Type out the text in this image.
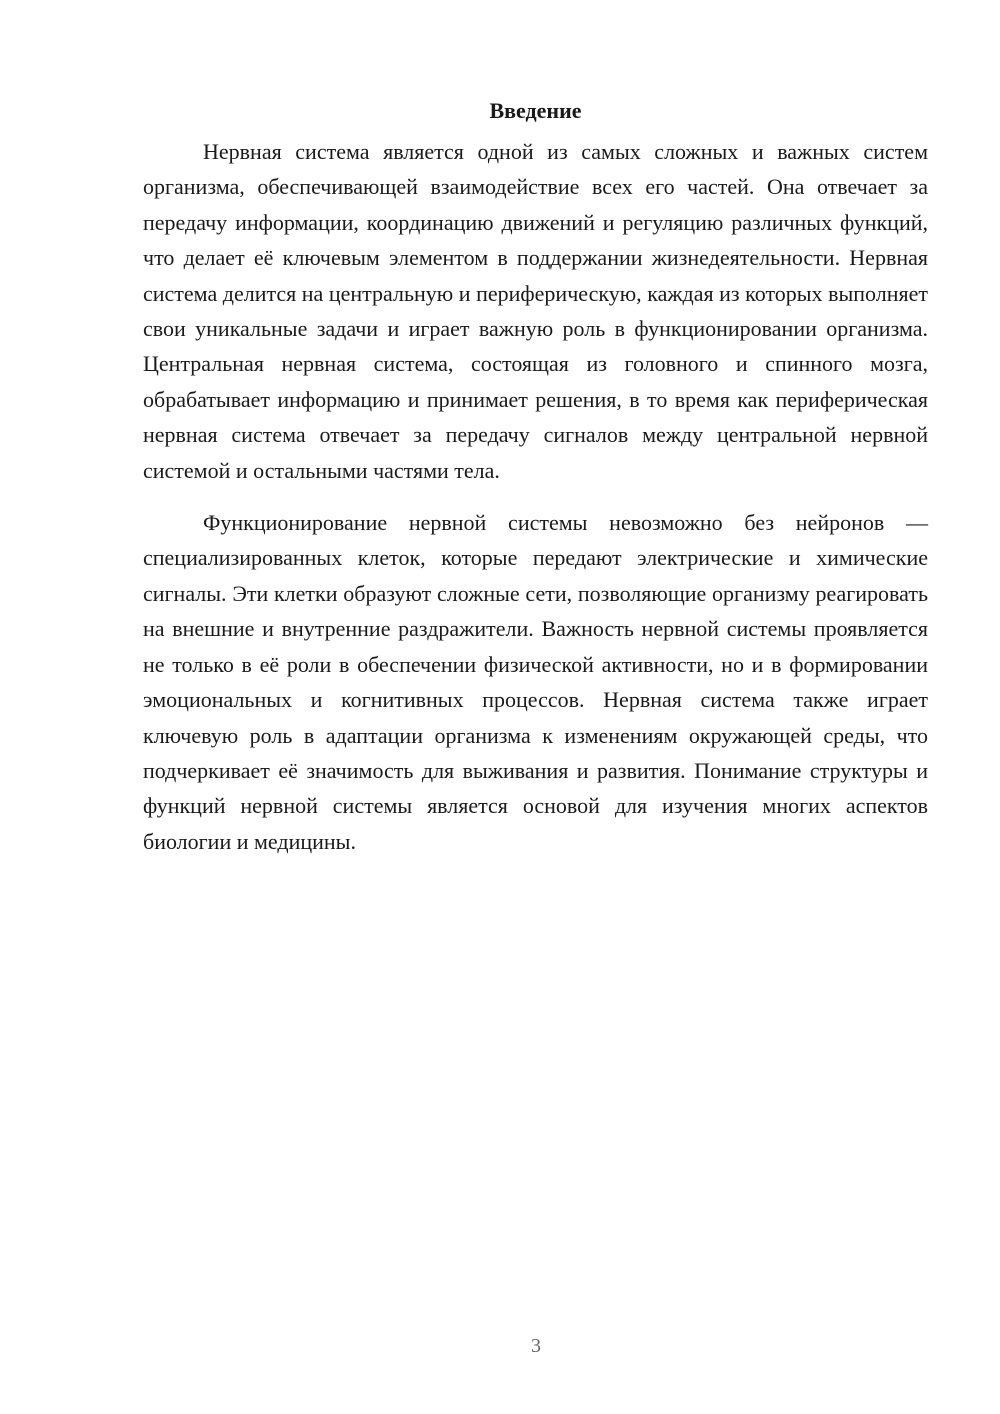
Введение

Нервная система является одной из самых сложных и важных систем организма, обеспечивающей взаимодействие всех его частей. Она отвечает за передачу информации, координацию движений и регуляцию различных функций, что делает её ключевым элементом в поддержании жизнедеятельности. Нервная система делится на центральную и периферическую, каждая из которых выполняет свои уникальные задачи и играет важную роль в функционировании организма. Центральная нервная система, состоящая из головного и спинного мозга, обрабатывает информацию и принимает решения, в то время как периферическая нервная система отвечает за передачу сигналов между центральной нервной системой и остальными частями тела.

Функционирование нервной системы невозможно без нейронов — специализированных клеток, которые передают электрические и химические сигналы. Эти клетки образуют сложные сети, позволяющие организму реагировать на внешние и внутренние раздражители. Важность нервной системы проявляется не только в её роли в обеспечении физической активности, но и в формировании эмоциональных и когнитивных процессов. Нервная система также играет ключевую роль в адаптации организма к изменениям окружающей среды, что подчеркивает её значимость для выживания и развития. Понимание структуры и функций нервной системы является основой для изучения многих аспектов биологии и медицины.

3
